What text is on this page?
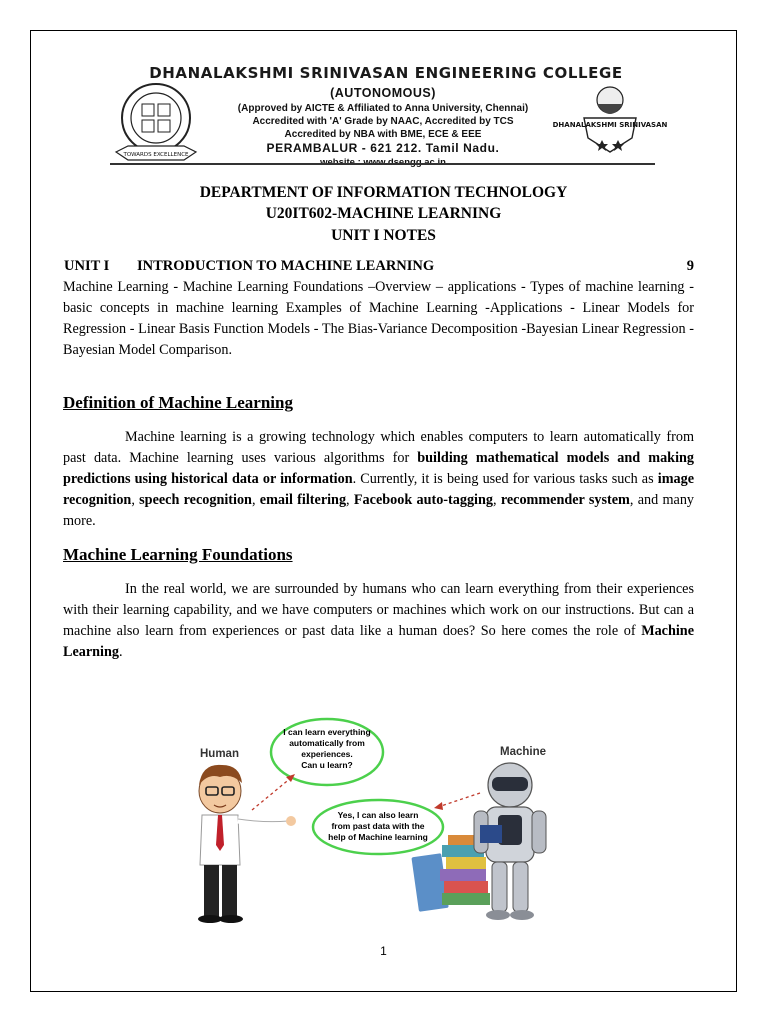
DHANALAKSHMI SRINIVASAN ENGINEERING COLLEGE
(AUTONOMOUS)
(Approved by AICTE & Affiliated to Anna University, Chennai)
Accredited with 'A' Grade by NAAC, Accredited by TCS
Accredited by NBA with BME, ECE & EEE
PERAMBALUR - 621 212. Tamil Nadu.
website : www.dsengg.ac.in
TOWARDS EXCELLENCE
DHANALAKSHMI SRINIVASAN
DEPARTMENT OF INFORMATION TECHNOLOGY
U20IT602-MACHINE LEARNING
UNIT I NOTES
UNIT I INTRODUCTION TO MACHINE LEARNING	9
Machine Learning - Machine Learning Foundations –Overview – applications - Types of machine learning - basic concepts in machine learning Examples of Machine Learning -Applications - Linear Models for Regression - Linear Basis Function Models - The Bias-Variance Decomposition -Bayesian Linear Regression - Bayesian Model Comparison.
Definition of Machine Learning
Machine learning is a growing technology which enables computers to learn automatically from past data. Machine learning uses various algorithms for building mathematical models and making predictions using historical data or information. Currently, it is being used for various tasks such as image recognition, speech recognition, email filtering, Facebook auto-tagging, recommender system, and many more.
Machine Learning Foundations
In the real world, we are surrounded by humans who can learn everything from their experiences with their learning capability, and we have computers or machines which work on our instructions. But can a machine also learn from experiences or past data like a human does? So here comes the role of Machine Learning.
Human	Machine
I can learn everything
automatically from
experiences.
Can u learn?
Yes, I can also learn
from past data with the
help of Machine learning
1
